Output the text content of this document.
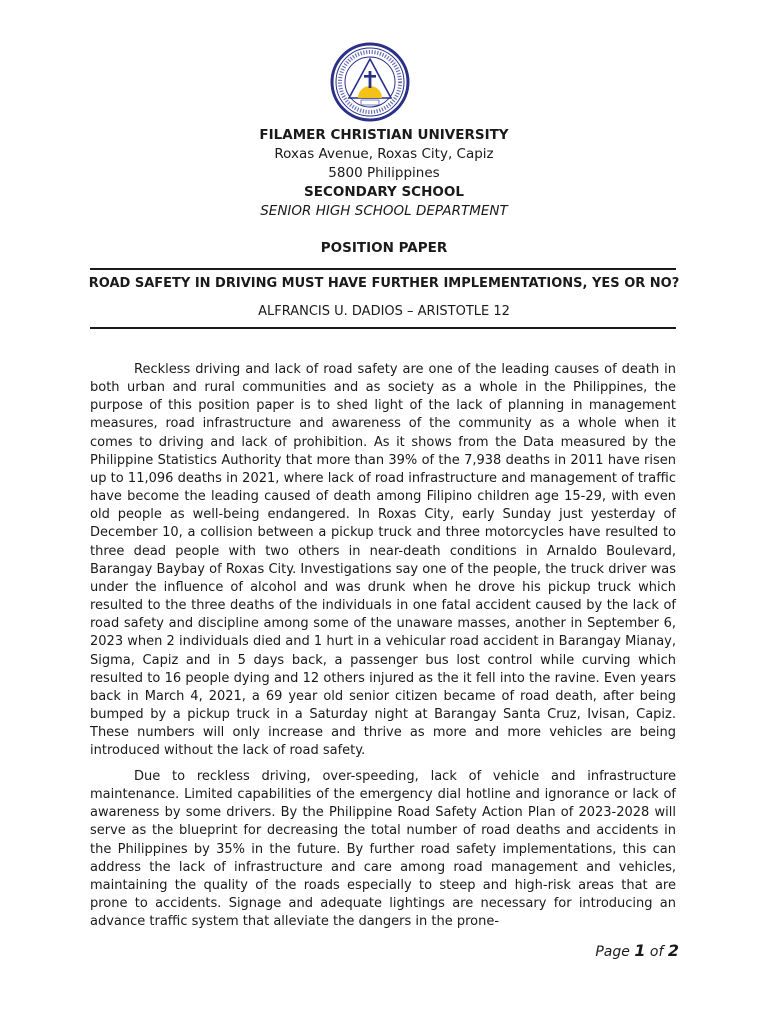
FILAMER CHRISTIAN UNIVERSITY
Roxas Avenue, Roxas City, Capiz
5800 Philippines
SECONDARY SCHOOL
SENIOR HIGH SCHOOL DEPARTMENT
POSITION PAPER
ROAD SAFETY IN DRIVING MUST HAVE FURTHER IMPLEMENTATIONS, YES OR NO?
ALFRANCIS U. DADIOS – ARISTOTLE 12

Reckless driving and lack of road safety are one of the leading causes of death in both urban and rural communities and as society as a whole in the Philippines, the purpose of this position paper is to shed light of the lack of planning in management measures, road infrastructure and awareness of the community as a whole when it comes to driving and lack of prohibition. As it shows from the Data measured by the Philippine Statistics Authority that more than 39% of the 7,938 deaths in 2011 have risen up to 11,096 deaths in 2021, where lack of road infrastructure and management of traffic have become the leading caused of death among Filipino children age 15-29, with even old people as well-being endangered. In Roxas City, early Sunday just yesterday of December 10, a collision between a pickup truck and three motorcycles have resulted to three dead people with two others in near-death conditions in Arnaldo Boulevard, Barangay Baybay of Roxas City. Investigations say one of the people, the truck driver was under the influence of alcohol and was drunk when he drove his pickup truck which resulted to the three deaths of the individuals in one fatal accident caused by the lack of road safety and discipline among some of the unaware masses, another in September 6, 2023 when 2 individuals died and 1 hurt in a vehicular road accident in Barangay Mianay, Sigma, Capiz and in 5 days back, a passenger bus lost control while curving which resulted to 16 people dying and 12 others injured as the it fell into the ravine. Even years back in March 4, 2021, a 69 year old senior citizen became of road death, after being bumped by a pickup truck in a Saturday night at Barangay Santa Cruz, Ivisan, Capiz. These numbers will only increase and thrive as more and more vehicles are being introduced without the lack of road safety.

Due to reckless driving, over-speeding, lack of vehicle and infrastructure maintenance. Limited capabilities of the emergency dial hotline and ignorance or lack of awareness by some drivers. By the Philippine Road Safety Action Plan of 2023-2028 will serve as the blueprint for decreasing the total number of road deaths and accidents in the Philippines by 35% in the future. By further road safety implementations, this can address the lack of infrastructure and care among road management and vehicles, maintaining the quality of the roads especially to steep and high-risk areas that are prone to accidents. Signage and adequate lightings are necessary for introducing an advance traffic system that alleviate the dangers in the prone-

Page 1 of 2
